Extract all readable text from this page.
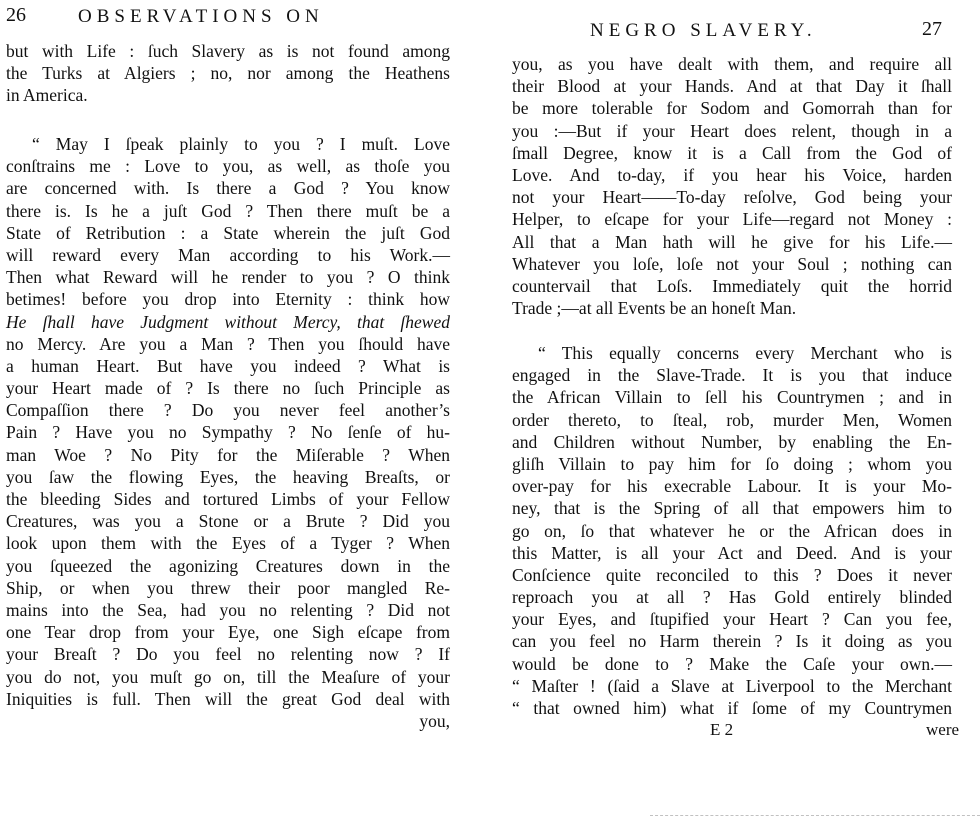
26	OBSERVATIONS ON
but with Life : ſuch Slavery as is not found among
the Turks at Algiers ; no, nor among the Heathens
in America.
“ May I ſpeak plainly to you ? I muſt. Love
conſtrains me : Love to you, as well, as thoſe you
are concerned with. Is there a God ? You know
there is. Is he a juſt God ? Then there muſt be a
State of Retribution : a State wherein the juſt God
will reward every Man according to his Work.—
Then what Reward will he render to you ? O think
betimes! before you drop into Eternity : think how
He ſhall have Judgment without Mercy, that ſhewed
no Mercy. Are you a Man ? Then you ſhould have
a human Heart. But have you indeed ? What is
your Heart made of ? Is there no ſuch Principle as
Compaſſion there ? Do you never feel another’s
Pain ? Have you no Sympathy ? No ſenſe of hu-
man Woe ? No Pity for the Miſerable ? When
you ſaw the flowing Eyes, the heaving Breaſts, or
the bleeding Sides and tortured Limbs of your Fellow
Creatures, was you a Stone or a Brute ? Did you
look upon them with the Eyes of a Tyger ? When
you ſqueezed the agonizing Creatures down in the
Ship, or when you threw their poor mangled Re-
mains into the Sea, had you no relenting ? Did not
one Tear drop from your Eye, one Sigh eſcape from
your Breaſt ? Do you feel no relenting now ? If
you do not, you muſt go on, till the Meaſure of your
Iniquities is full. Then will the great God deal with
you,
NEGRO SLAVERY.	27
you, as you have dealt with them, and require all
their Blood at your Hands. And at that Day it ſhall
be more tolerable for Sodom and Gomorrah than for
you :—But if your Heart does relent, though in a
ſmall Degree, know it is a Call from the God of
Love. And to-day, if you hear his Voice, harden
not your Heart——To-day reſolve, God being your
Helper, to eſcape for your Life—regard not Money :
All that a Man hath will he give for his Life.—
Whatever you loſe, loſe not your Soul ; nothing can
countervail that Loſs. Immediately quit the horrid
Trade ;—at all Events be an honeſt Man.
“ This equally concerns every Merchant who is
engaged in the Slave-Trade. It is you that induce
the African Villain to ſell his Countrymen ; and in
order thereto, to ſteal, rob, murder Men, Women
and Children without Number, by enabling the En-
gliſh Villain to pay him for ſo doing ; whom you
over-pay for his execrable Labour. It is your Mo-
ney, that is the Spring of all that empowers him to
go on, ſo that whatever he or the African does in
this Matter, is all your Act and Deed. And is your
Conſcience quite reconciled to this ? Does it never
reproach you at all ? Has Gold entirely blinded
your Eyes, and ſtupified your Heart ? Can you fee,
can you feel no Harm therein ? Is it doing as you
would be done to ? Make the Caſe your own.—
“ Maſter ! (ſaid a Slave at Liverpool to the Merchant
“ that owned him) what if ſome of my Countrymen
E 2	were
